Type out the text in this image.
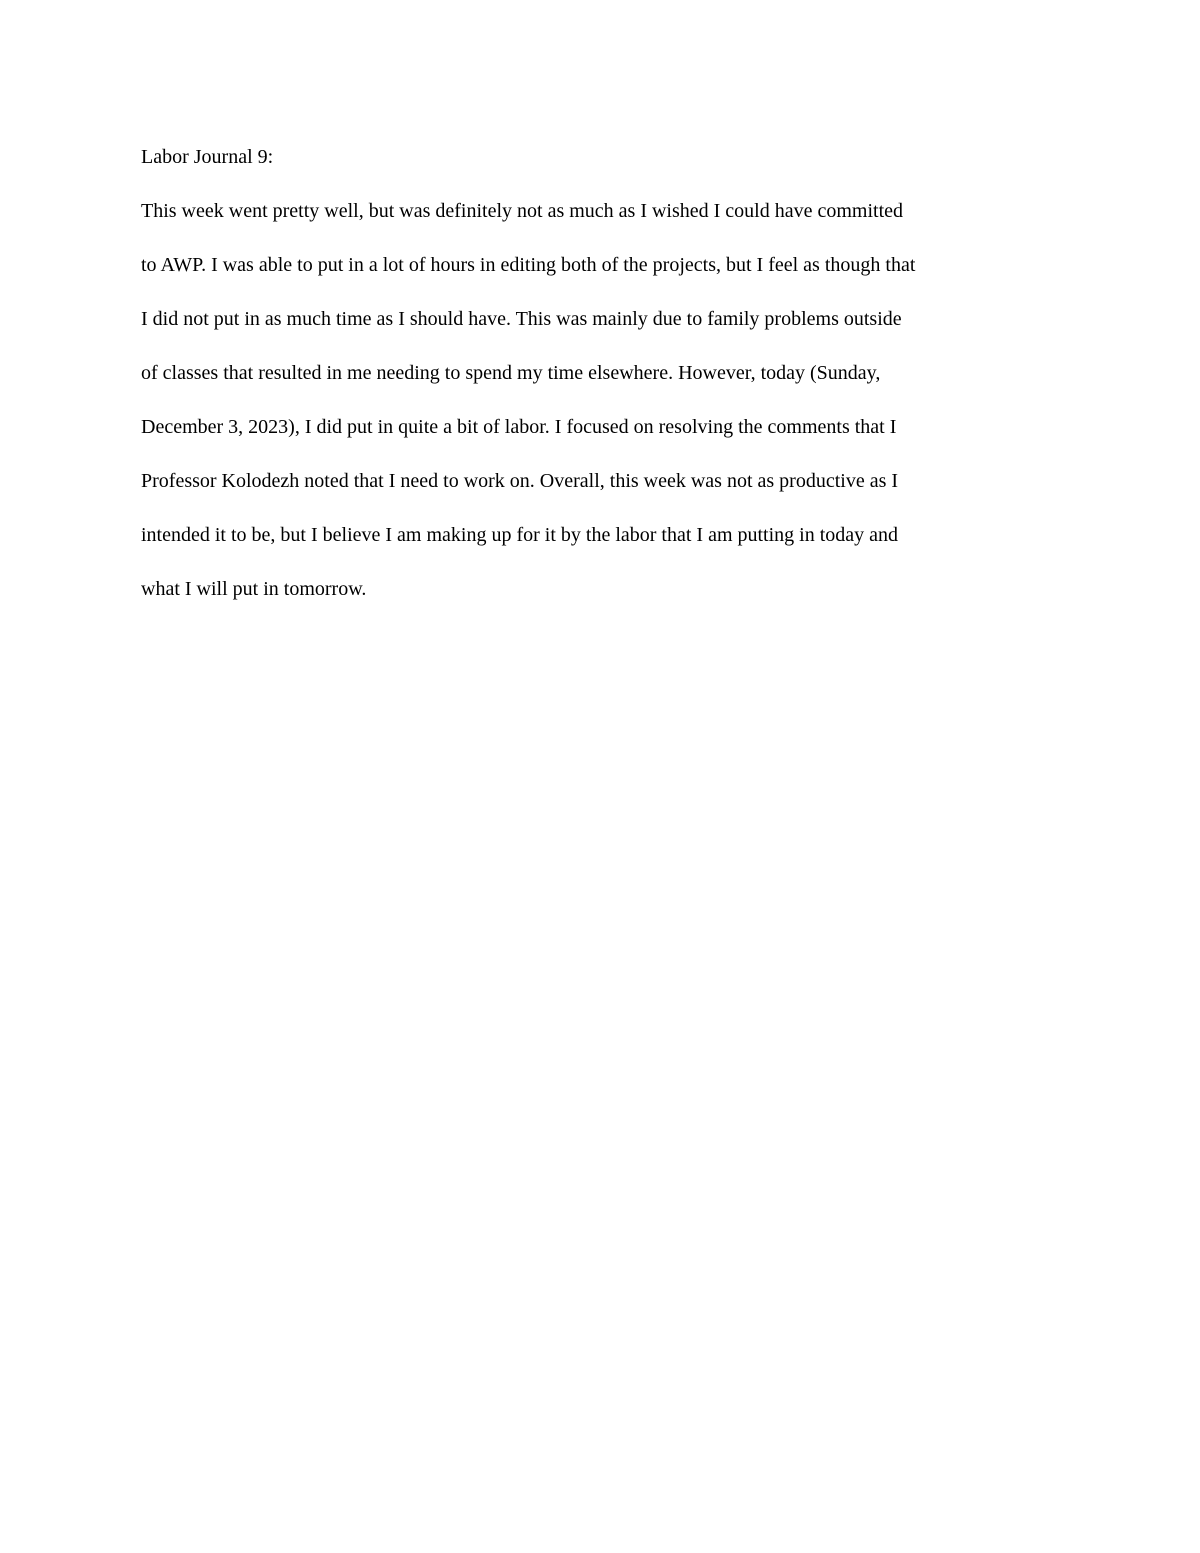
Labor Journal 9:
This week went pretty well, but was definitely not as much as I wished I could have committed
to AWP. I was able to put in a lot of hours in editing both of the projects, but I feel as though that
I did not put in as much time as I should have. This was mainly due to family problems outside
of classes that resulted in me needing to spend my time elsewhere. However, today (Sunday,
December 3, 2023), I did put in quite a bit of labor. I focused on resolving the comments that I
Professor Kolodezh noted that I need to work on. Overall, this week was not as productive as I
intended it to be, but I believe I am making up for it by the labor that I am putting in today and
what I will put in tomorrow.
